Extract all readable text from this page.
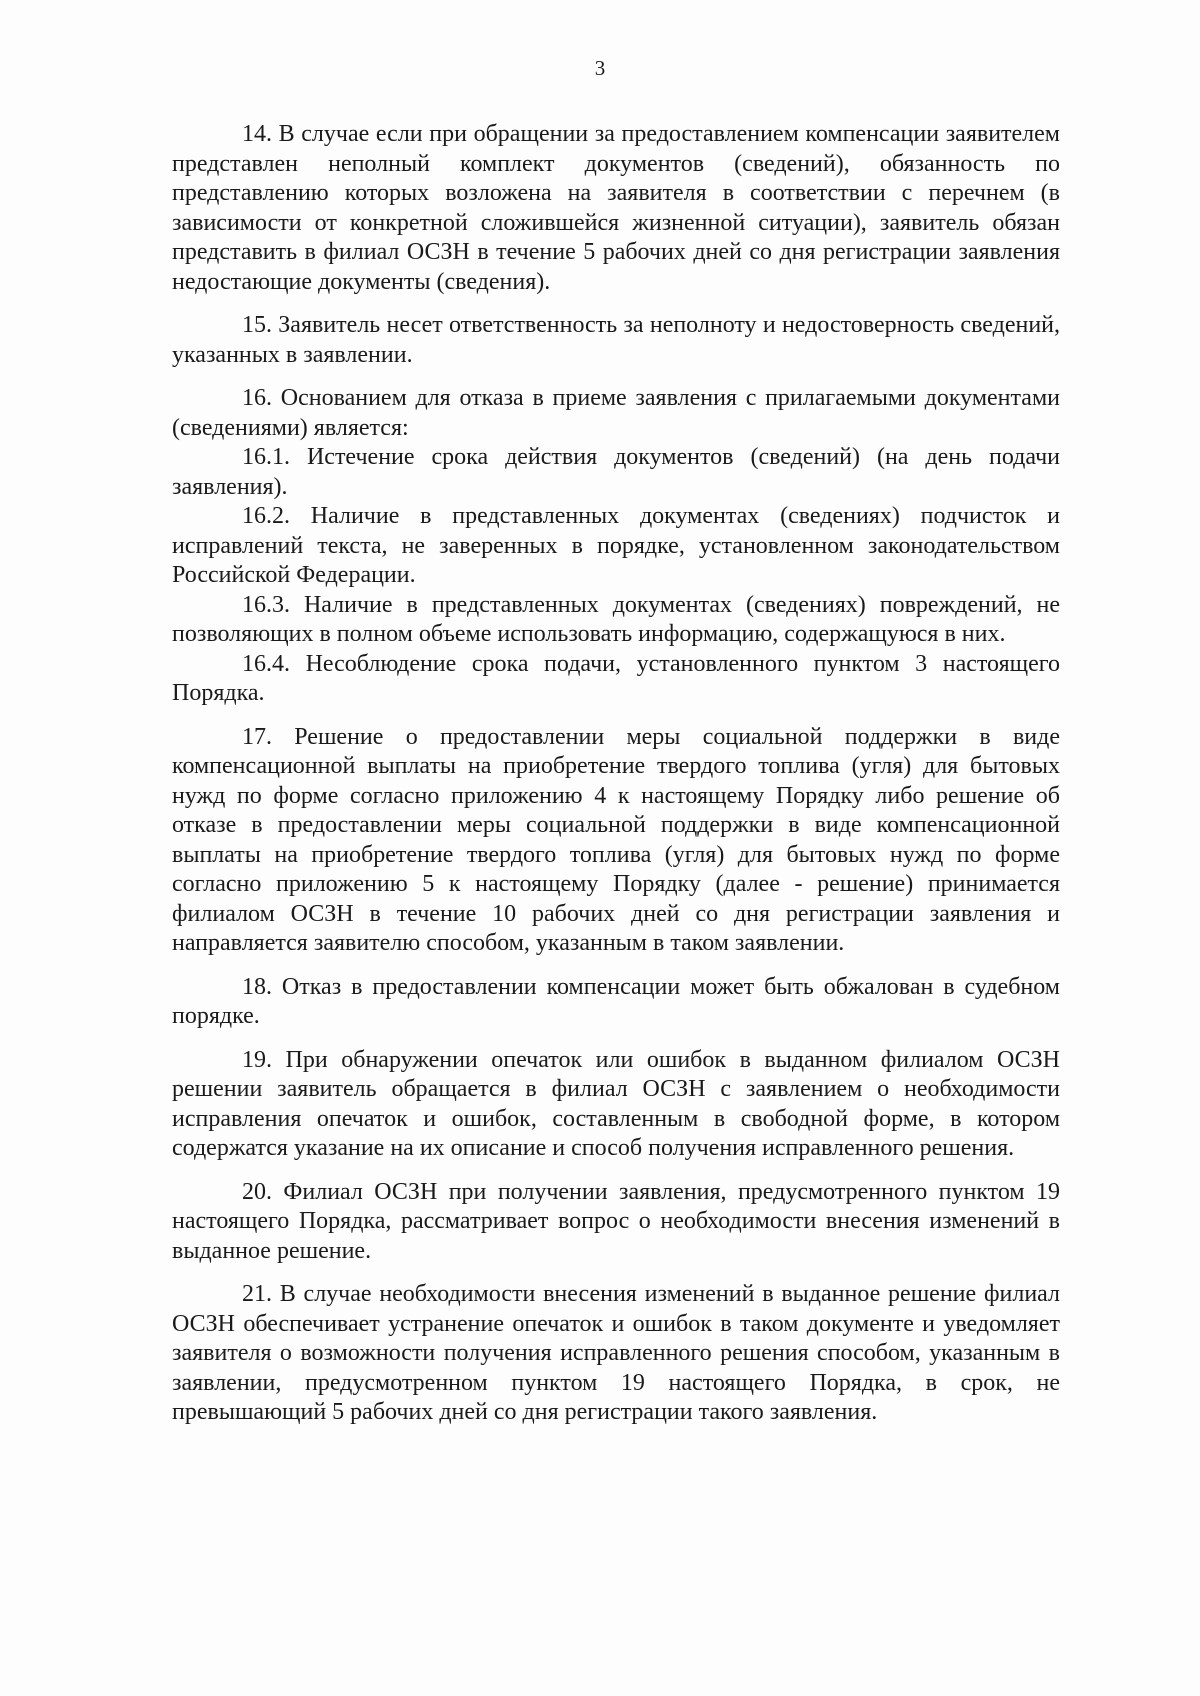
3

14. В случае если при обращении за предоставлением компенсации заявителем представлен неполный комплект документов (сведений), обязанность по представлению которых возложена на заявителя в соответствии с перечнем (в зависимости от конкретной сложившейся жизненной ситуации), заявитель обязан представить в филиал ОСЗН в течение 5 рабочих дней со дня регистрации заявления недостающие документы (сведения).

15. Заявитель несет ответственность за неполноту и недостоверность сведений, указанных в заявлении.

16. Основанием для отказа в приеме заявления с прилагаемыми документами (сведениями) является:

16.1. Истечение срока действия документов (сведений) (на день подачи заявления).

16.2. Наличие в представленных документах (сведениях) подчисток и исправлений текста, не заверенных в порядке, установленном законодательством Российской Федерации.

16.3. Наличие в представленных документах (сведениях) повреждений, не позволяющих в полном объеме использовать информацию, содержащуюся в них.

16.4. Несоблюдение срока подачи, установленного пунктом 3 настоящего Порядка.

17. Решение о предоставлении меры социальной поддержки в виде компенсационной выплаты на приобретение твердого топлива (угля) для бытовых нужд по форме согласно приложению 4 к настоящему Порядку либо решение об отказе в предоставлении меры социальной поддержки в виде компенсационной выплаты на приобретение твердого топлива (угля) для бытовых нужд по форме согласно приложению 5 к настоящему Порядку (далее - решение) принимается филиалом ОСЗН в течение 10 рабочих дней со дня регистрации заявления и направляется заявителю способом, указанным в таком заявлении.

18. Отказ в предоставлении компенсации может быть обжалован в судебном порядке.

19. При обнаружении опечаток или ошибок в выданном филиалом ОСЗН решении заявитель обращается в филиал ОСЗН с заявлением о необходимости исправления опечаток и ошибок, составленным в свободной форме, в котором содержатся указание на их описание и способ получения исправленного решения.

20. Филиал ОСЗН при получении заявления, предусмотренного пунктом 19 настоящего Порядка, рассматривает вопрос о необходимости внесения изменений в выданное решение.

21. В случае необходимости внесения изменений в выданное решение филиал ОСЗН обеспечивает устранение опечаток и ошибок в таком документе и уведомляет заявителя о возможности получения исправленного решения способом, указанным в заявлении, предусмотренном пунктом 19 настоящего Порядка, в срок, не превышающий 5 рабочих дней со дня регистрации такого заявления.
